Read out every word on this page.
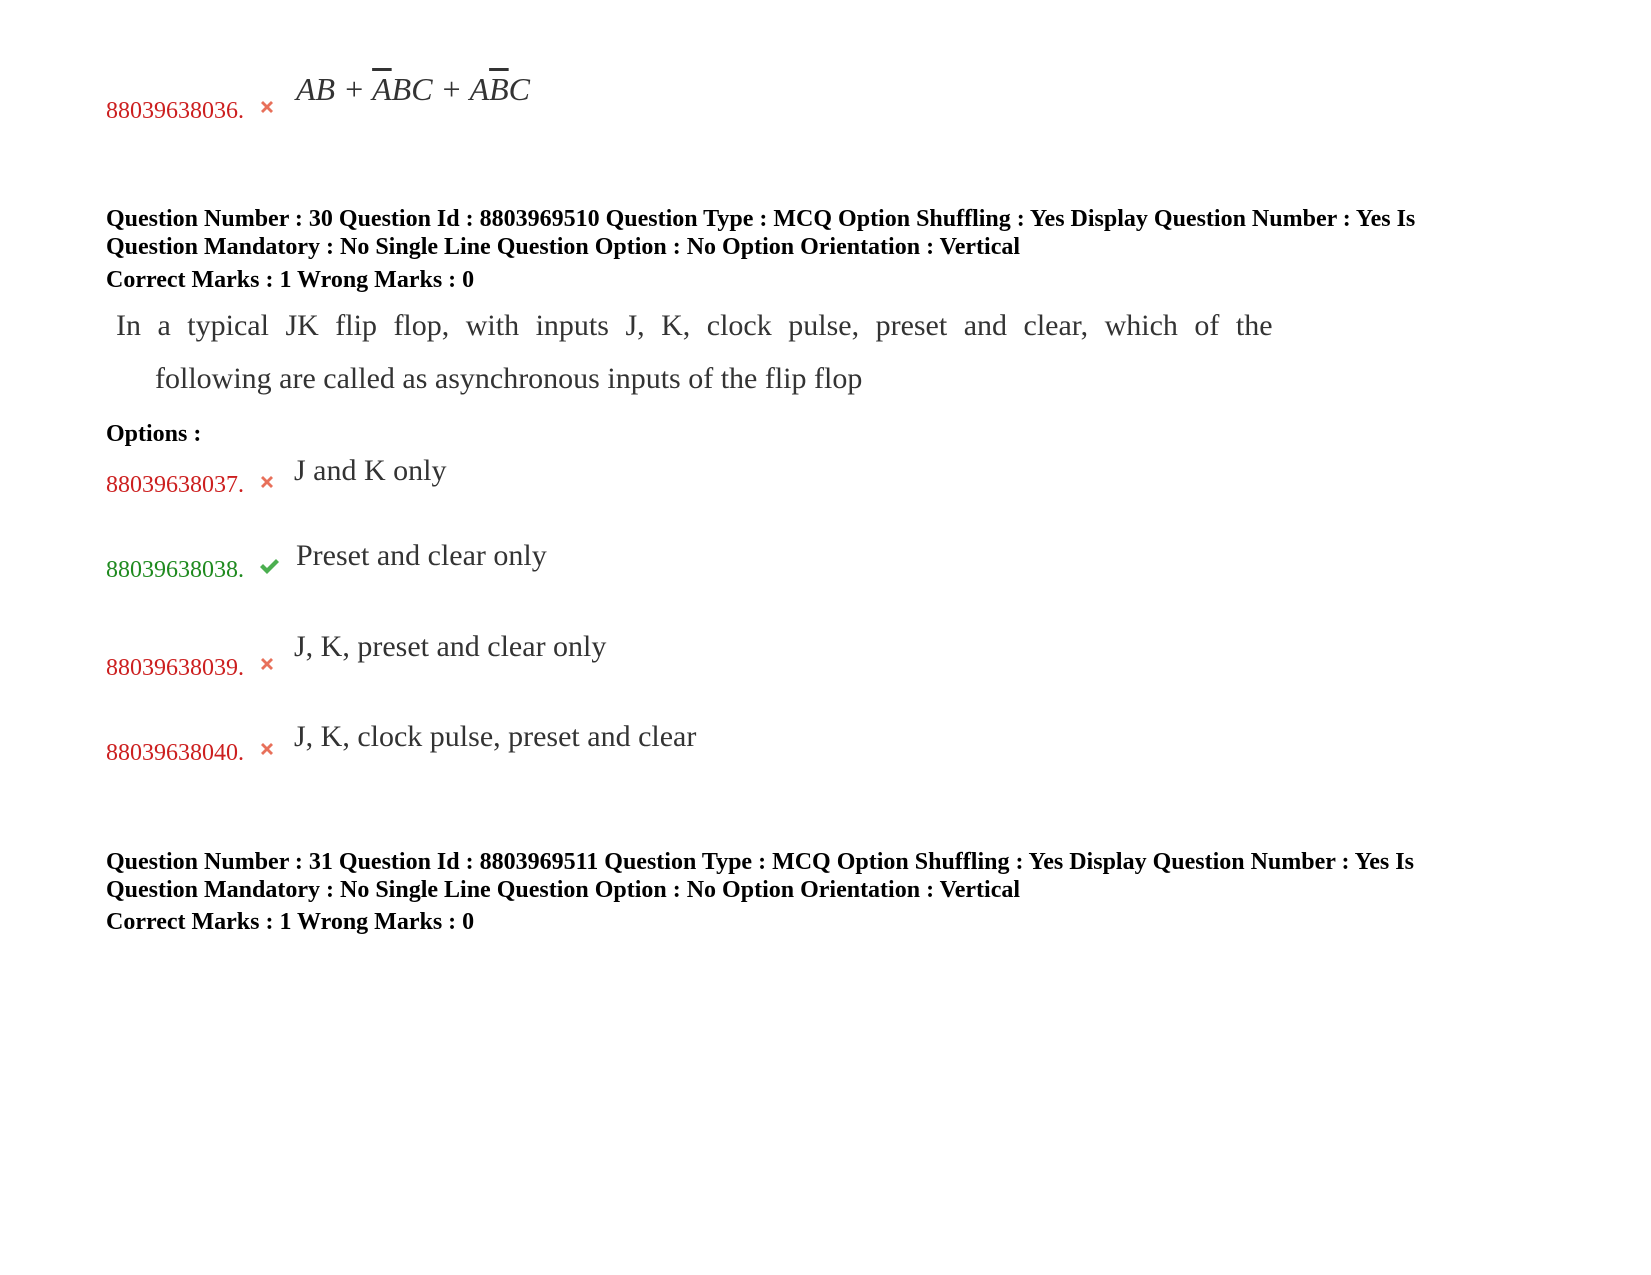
88039638036.
AB + $\overline{A}BC + A\overline{B}C$
Question Number : 30 Question Id : 8803969510 Question Type : MCQ Option Shuffling : Yes Display Question Number : Yes Is
Question Mandatory : No Single Line Question Option : No Option Orientation : Vertical
Correct Marks : 1 Wrong Marks : 0
In a typical JK flip flop, with inputs J, K, clock pulse, preset and clear, which of the
following are called as asynchronous inputs of the flip flop
Options :
88039638037. J and K only
88039638038. Preset and clear only
88039638039.
J, K, preset and clear only
88039638040. J, K, clock pulse, preset and clear
Question Number : 31 Question Id : 8803969511 Question Type : MCQ Option Shuffling : Yes Display Question Number : Yes Is
Question Mandatory : No Single Line Question Option : No Option Orientation : Vertical
Correct Marks : 1 Wrong Marks : 0
